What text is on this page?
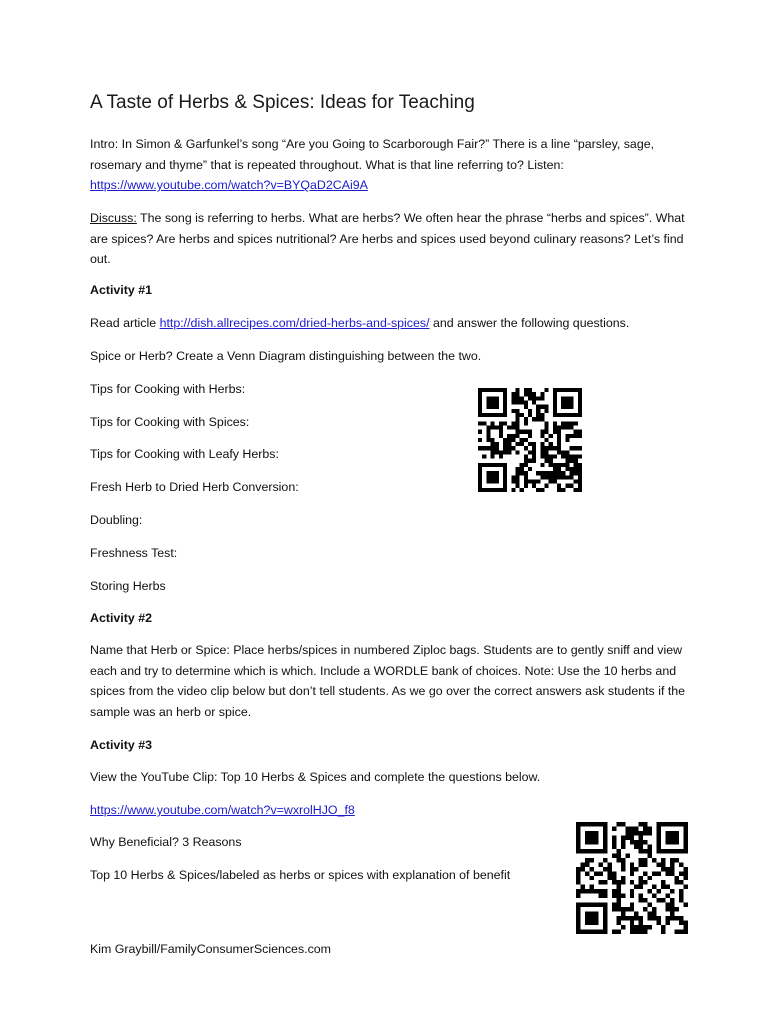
A Taste of Herbs & Spices: Ideas for Teaching

Intro: In Simon & Garfunkel’s song “Are you Going to Scarborough Fair?” There is a line “parsley, sage, rosemary and thyme” that is repeated throughout. What is that line referring to? Listen:
https://www.youtube.com/watch?v=BYQaD2CAi9A

Discuss: The song is referring to herbs. What are herbs? We often hear the phrase “herbs and spices”. What are spices? Are herbs and spices nutritional? Are herbs and spices used beyond culinary reasons? Let’s find out.

Activity #1

Read article http://dish.allrecipes.com/dried-herbs-and-spices/ and answer the following questions.

Spice or Herb? Create a Venn Diagram distinguishing between the two.

Tips for Cooking with Herbs:

Tips for Cooking with Spices:

Tips for Cooking with Leafy Herbs:

Fresh Herb to Dried Herb Conversion:

Doubling:

Freshness Test:

Storing Herbs

Activity #2

Name that Herb or Spice: Place herbs/spices in numbered Ziploc bags. Students are to gently sniff and view each and try to determine which is which. Include a WORDLE bank of choices. Note: Use the 10 herbs and spices from the video clip below but don’t tell students. As we go over the correct answers ask students if the sample was an herb or spice.

Activity #3

View the YouTube Clip: Top 10 Herbs & Spices and complete the questions below.

https://www.youtube.com/watch?v=wxrolHJO_f8

Why Beneficial? 3 Reasons

Top 10 Herbs & Spices/labeled as herbs or spices with explanation of benefit

Kim Graybill/FamilyConsumerSciences.com
